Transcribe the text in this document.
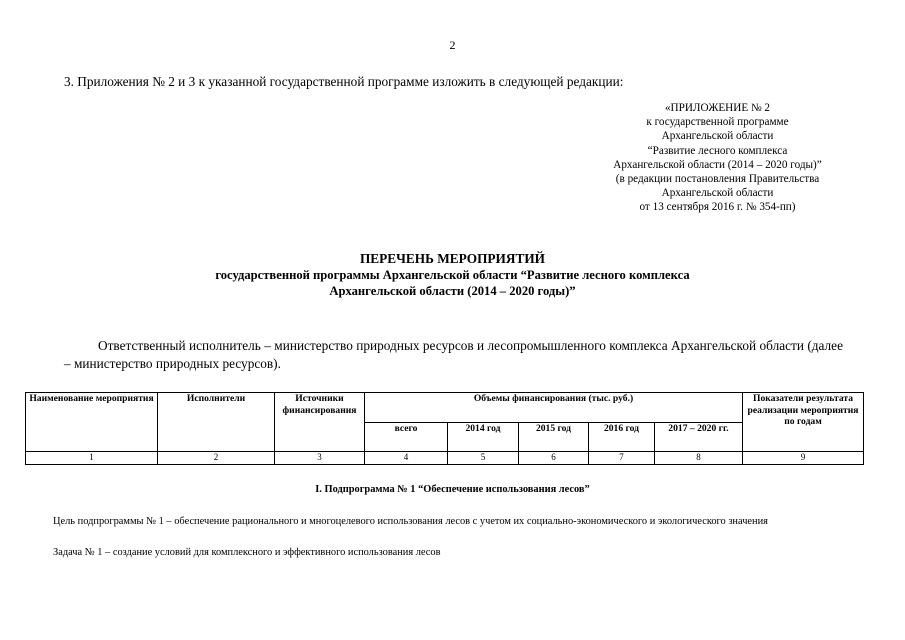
2
3. Приложения № 2 и 3 к указанной государственной программе изложить в следующей редакции:
«ПРИЛОЖЕНИЕ № 2
к государственной программе
Архангельской области
“Развитие лесного комплекса
Архангельской области (2014 – 2020 годы)”
(в редакции постановления Правительства
Архангельской области
от 13 сентября 2016 г. № 354-пп)
ПЕРЕЧЕНЬ МЕРОПРИЯТИЙ
государственной программы Архангельской области “Развитие лесного комплекса
Архангельской области (2014 – 2020 годы)”
Ответственный исполнитель – министерство природных ресурсов и лесопромышленного комплекса Архангельской области (далее – министерство природных ресурсов).
Наименование мероприятия	Исполнители	Источники финансирования	Объемы финансирования (тыс. руб.)					Показатели результата реализации мероприятия по годам
			всего	2014 год	2015 год	2016 год	2017 – 2020 гг.	
1	2	3	4	5	6	7	8	9
I. Подпрограмма № 1 “Обеспечение использования лесов”
Цель подпрограммы № 1 – обеспечение рационального и многоцелевого использования лесов с учетом их социально-экономического и экологического значения
Задача № 1 – создание условий для комплексного и эффективного использования лесов
